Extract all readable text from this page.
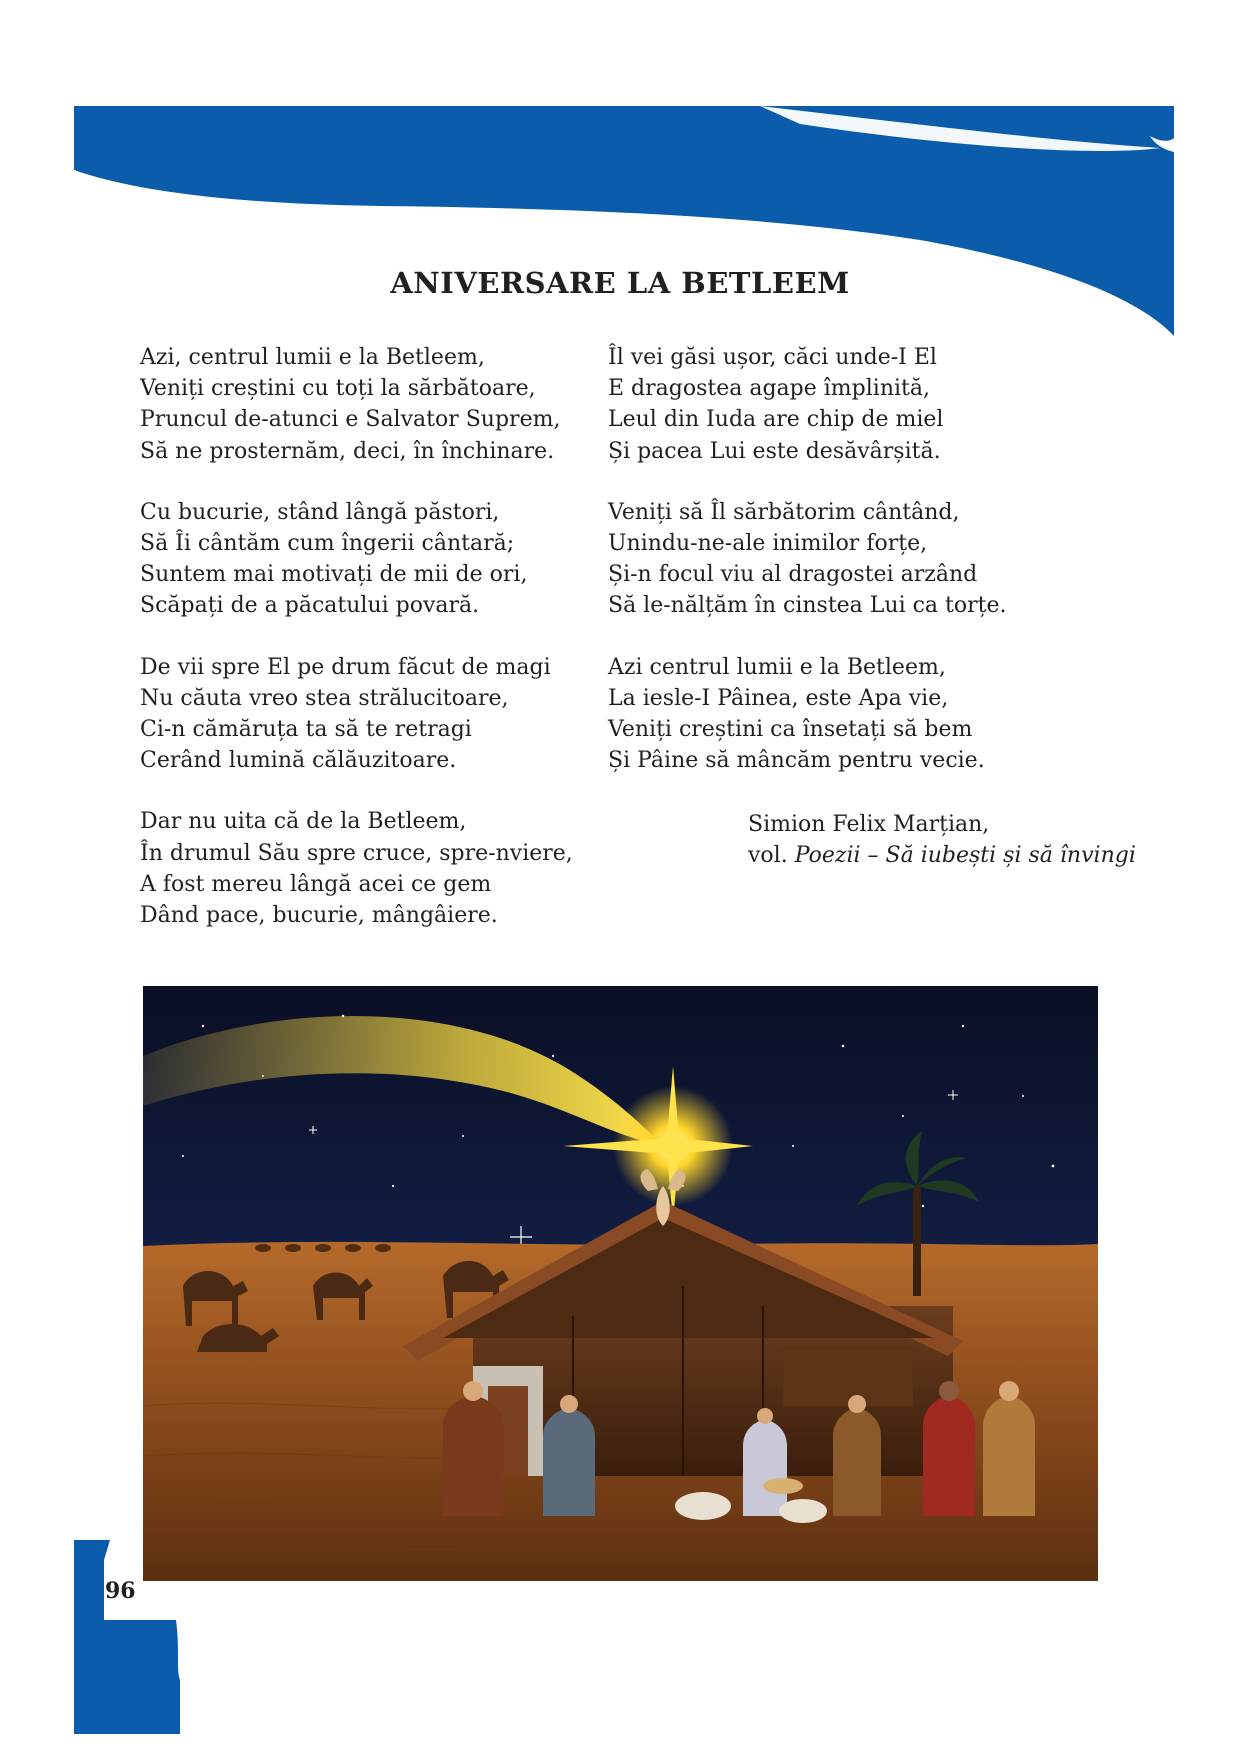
ANIVERSARE LA BETLEEM
Azi, centrul lumii e la Betleem,
Veniți creștini cu toți la sărbătoare,
Pruncul de-atunci e Salvator Suprem,
Să ne prosternăm, deci, în închinare.
Cu bucurie, stând lângă păstori,
Să Îi cântăm cum îngerii cântară;
Suntem mai motivați de mii de ori,
Scăpați de a păcatului povară.
De vii spre El pe drum făcut de magi
Nu căuta vreo stea strălucitoare,
Ci-n cămăruța ta să te retragi
Cerând lumină călăuzitoare.
Dar nu uita că de la Betleem,
În drumul Său spre cruce, spre-nviere,
A fost mereu lângă acei ce gem
Dând pace, bucurie, mângâiere.
Îl vei găsi ușor, căci unde-I El
E dragostea agape împlinită,
Leul din Iuda are chip de miel
Și pacea Lui este desăvârșită.
Veniți să Îl sărbătorim cântând,
Unindu-ne-ale inimilor forțe,
Și-n focul viu al dragostei arzând
Să le-nălțăm în cinstea Lui ca torțe.
Azi centrul lumii e la Betleem,
La iesle-I Pâinea, este Apa vie,
Veniți creștini ca însetați să bem
Și Pâine să mâncăm pentru vecie.
Simion Felix Marțian,
vol. Poezii – Să iubești și să învingi
96
